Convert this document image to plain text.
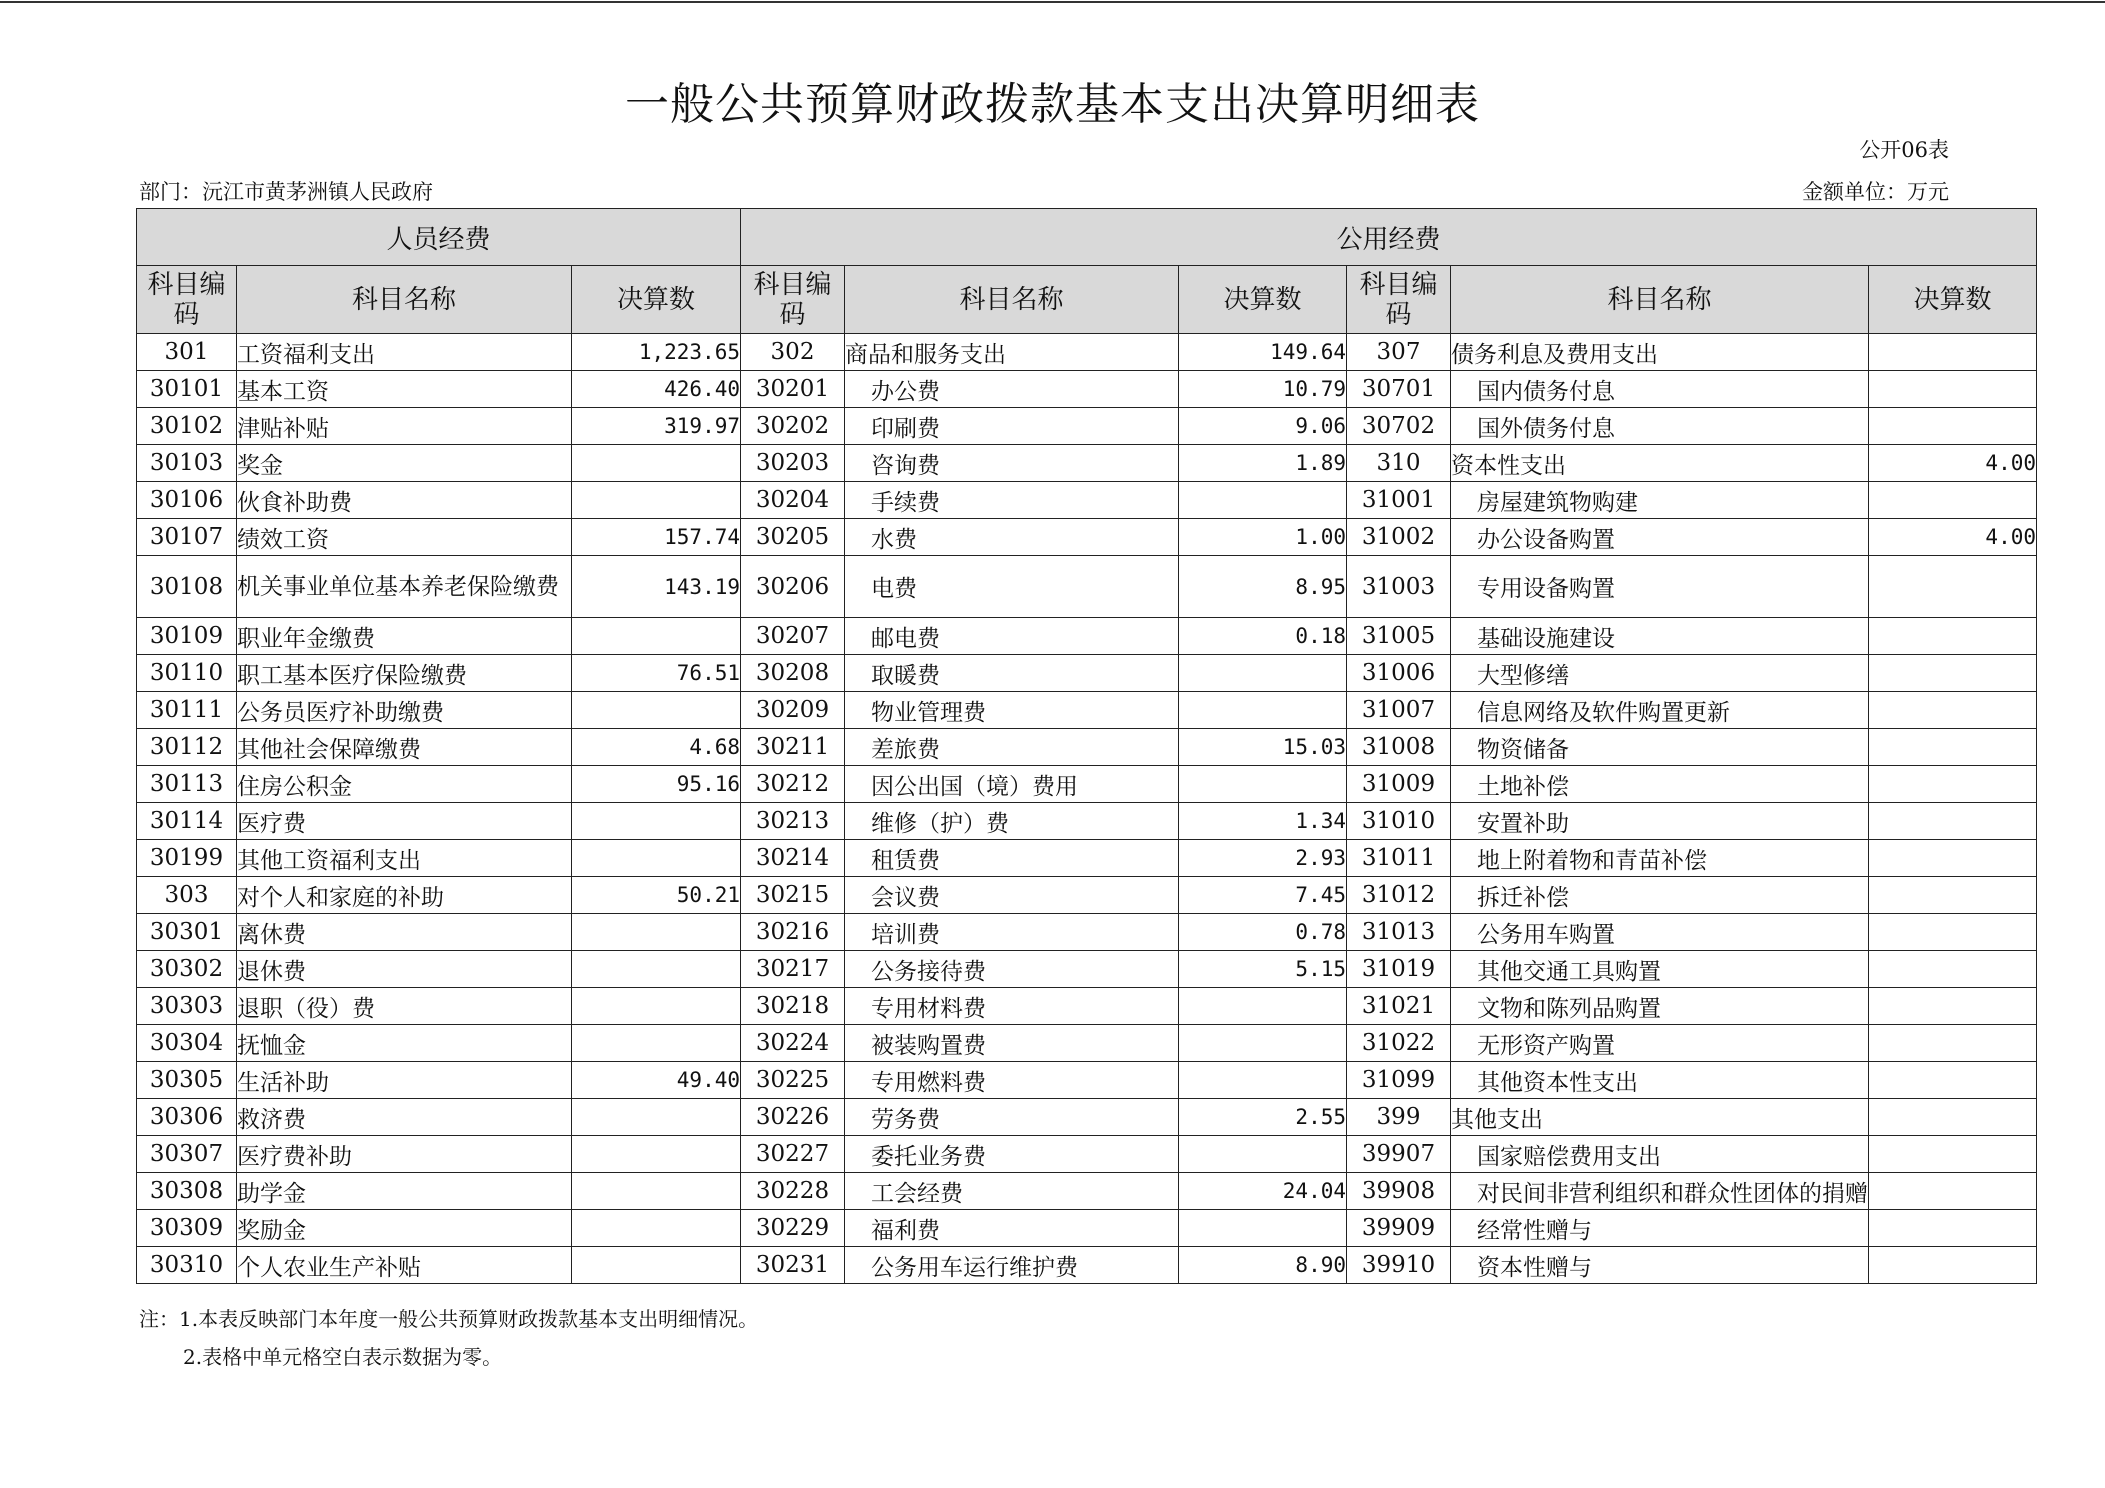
一般公共预算财政拨款基本支出决算明细表
公开06表
部门：沅江市黄茅洲镇人民政府	金额单位：万元
人员经费			公用经费					
科目编码	科目名称	决算数	科目编码	科目名称	决算数	科目编码	科目名称	决算数
301	工资福利支出	1,223.65	302	商品和服务支出	149.64	307	债务利息及费用支出	
30101	基本工资	426.40	30201	办公费	10.79	30701	国内债务付息	
30102	津贴补贴	319.97	30202	印刷费	9.06	30702	国外债务付息	
30103	奖金		30203	咨询费	1.89	310	资本性支出	4.00
30106	伙食补助费		30204	手续费		31001	房屋建筑物购建	
30107	绩效工资	157.74	30205	水费	1.00	31002	办公设备购置	4.00
30108	机关事业单位基本养老保险缴费	143.19	30206	电费	8.95	31003	专用设备购置	
30109	职业年金缴费		30207	邮电费	0.18	31005	基础设施建设	
30110	职工基本医疗保险缴费	76.51	30208	取暖费		31006	大型修缮	
30111	公务员医疗补助缴费		30209	物业管理费		31007	信息网络及软件购置更新	
30112	其他社会保障缴费	4.68	30211	差旅费	15.03	31008	物资储备	
30113	住房公积金	95.16	30212	因公出国（境）费用		31009	土地补偿	
30114	医疗费		30213	维修（护）费	1.34	31010	安置补助	
30199	其他工资福利支出		30214	租赁费	2.93	31011	地上附着物和青苗补偿	
303	对个人和家庭的补助	50.21	30215	会议费	7.45	31012	拆迁补偿	
30301	离休费		30216	培训费	0.78	31013	公务用车购置	
30302	退休费		30217	公务接待费	5.15	31019	其他交通工具购置	
30303	退职（役）费		30218	专用材料费		31021	文物和陈列品购置	
30304	抚恤金		30224	被装购置费		31022	无形资产购置	
30305	生活补助	49.40	30225	专用燃料费		31099	其他资本性支出	
30306	救济费		30226	劳务费	2.55	399	其他支出	
30307	医疗费补助		30227	委托业务费		39907	国家赔偿费用支出	
30308	助学金		30228	工会经费	24.04	39908	对民间非营利组织和群众性团体的捐赠	
30309	奖励金		30229	福利费		39909	经常性赠与	
30310	个人农业生产补贴		30231	公务用车运行维护费	8.90	39910	资本性赠与	
注：1.本表反映部门本年度一般公共预算财政拨款基本支出明细情况。
2.表格中单元格空白表示数据为零。
